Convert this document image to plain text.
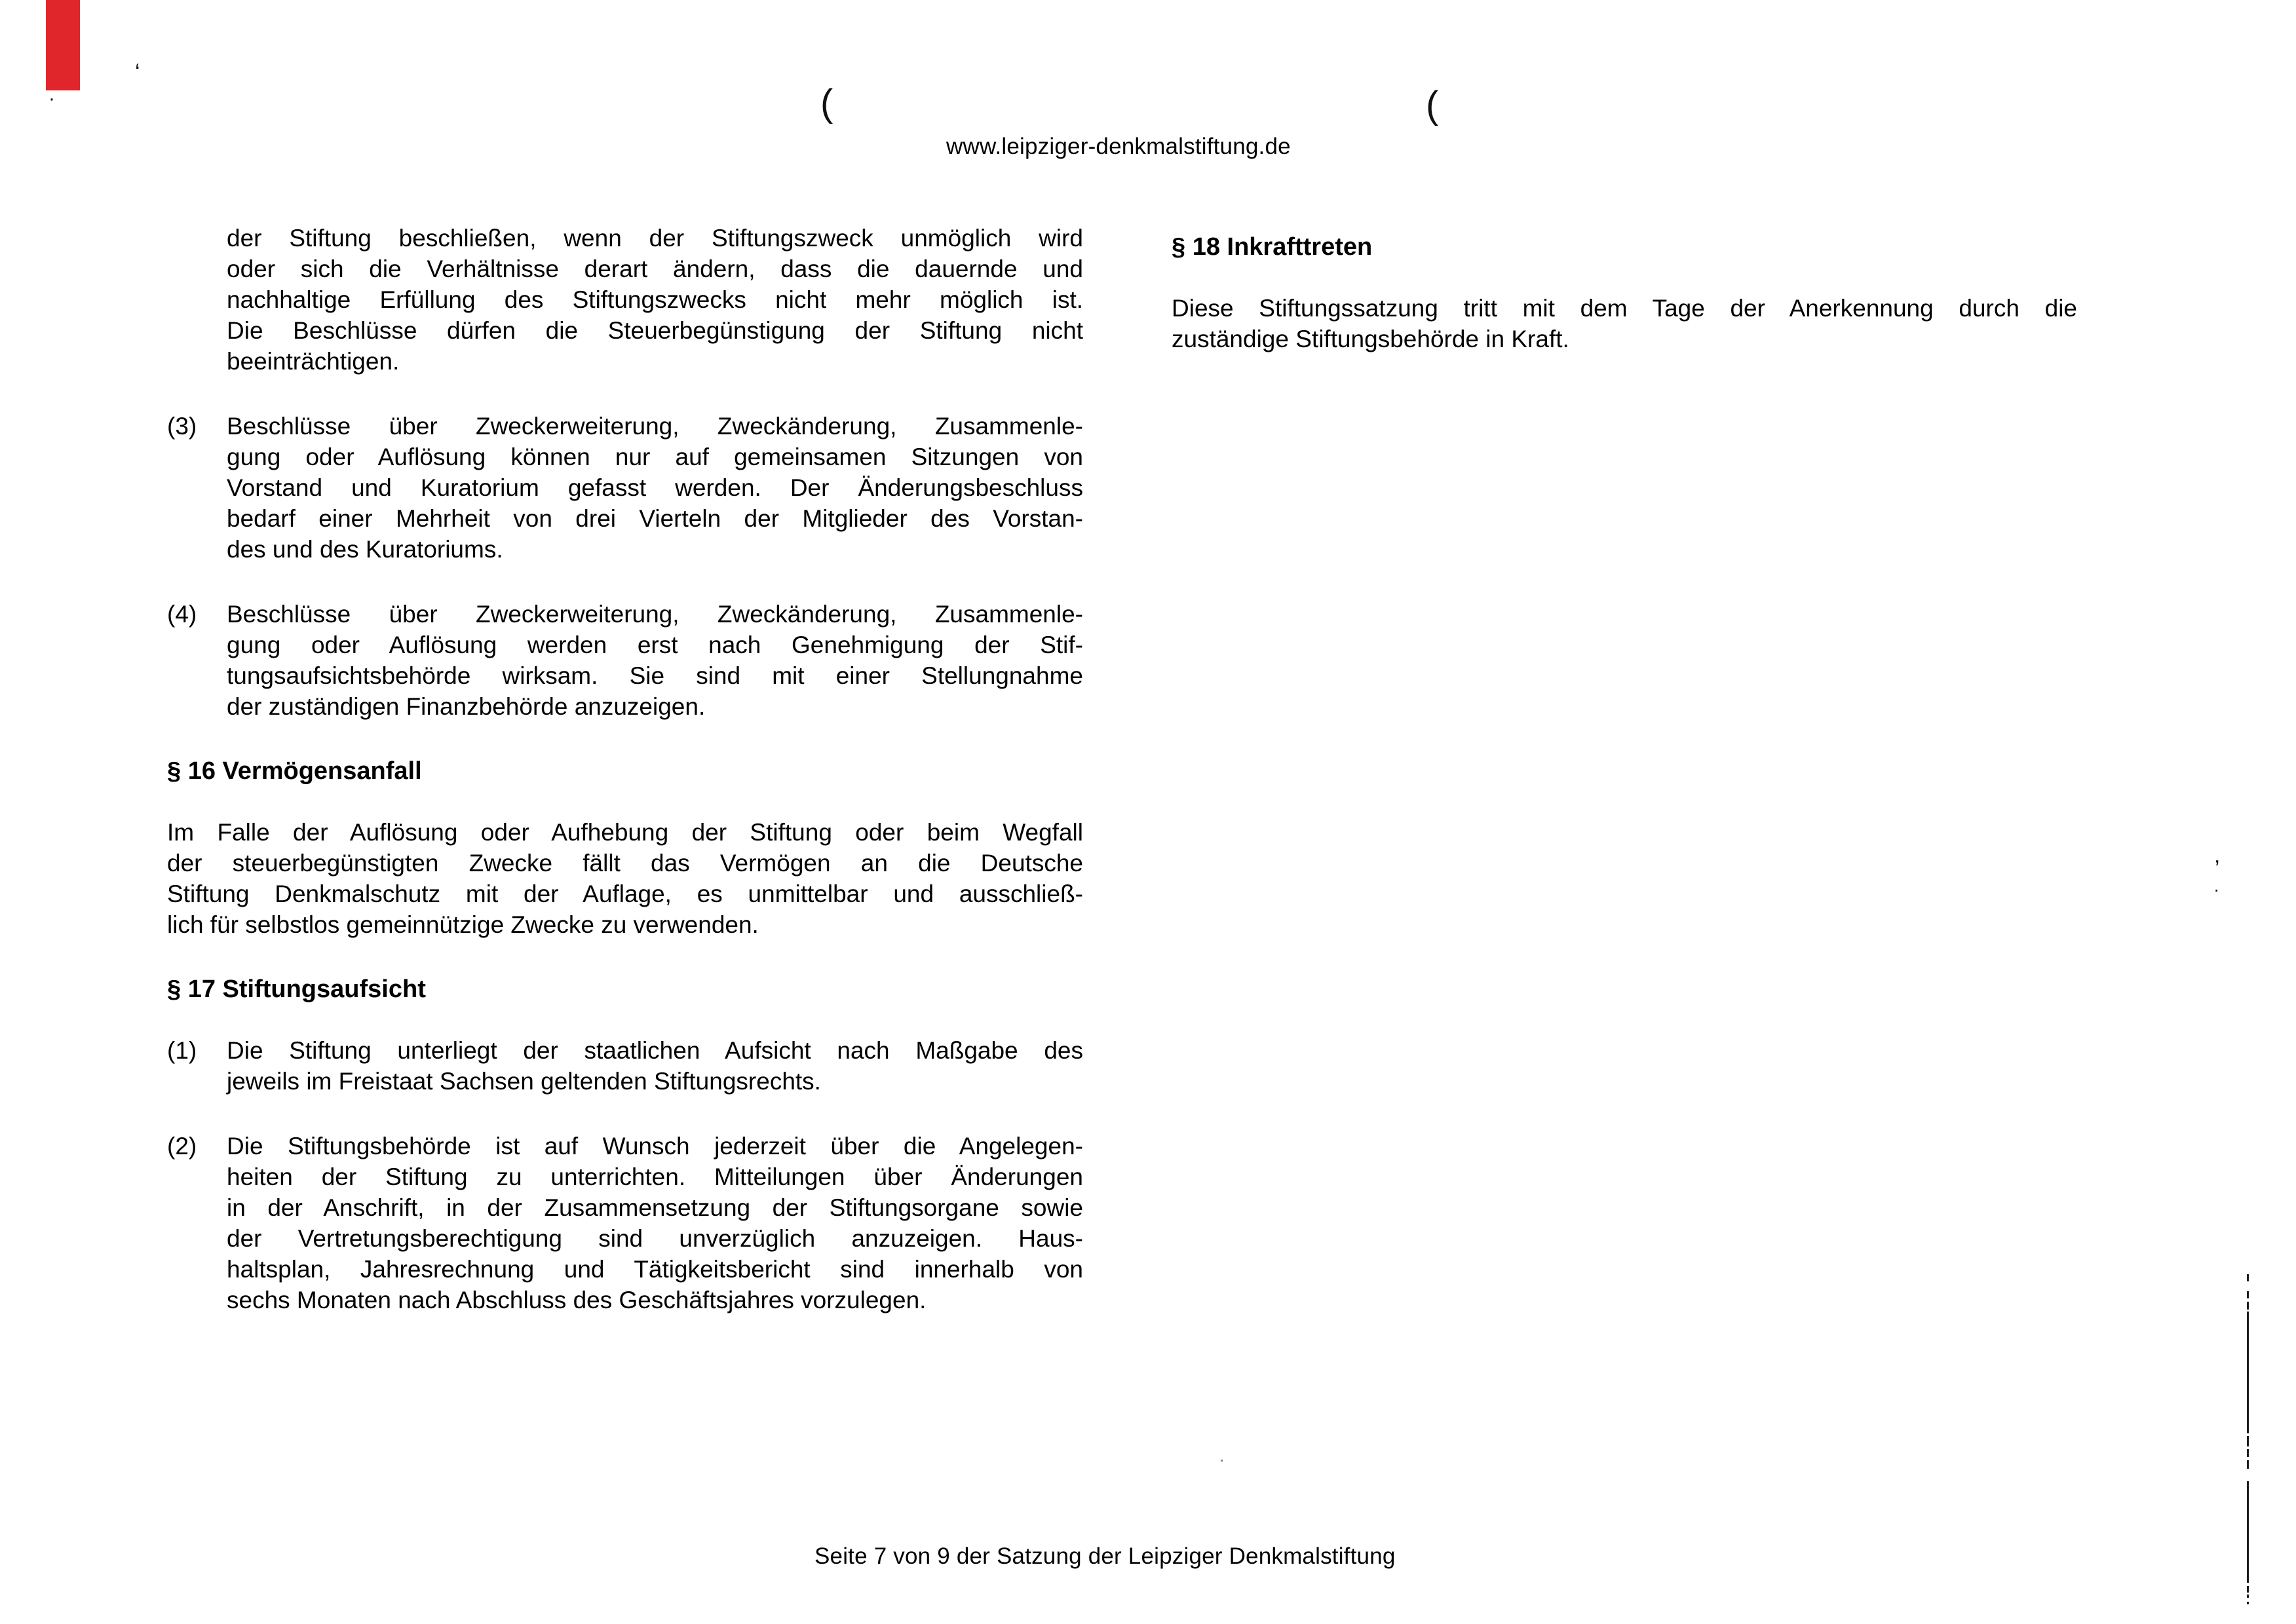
ʻ
·	(	(
ʼ
·
·
www.leipziger-denkmalstiftung.de
der Stiftung beschließen, wenn der Stiftungszweck unmöglich wird
oder sich die Verhältnisse derart ändern, dass die dauernde und
nachhaltige Erfüllung des Stiftungszwecks nicht mehr möglich ist.
Die Beschlüsse dürfen die Steuerbegünstigung der Stiftung nicht
beeinträchtigen.
(3)	Beschlüsse über Zweckerweiterung, Zweckänderung, Zusammenle-
gung oder Auflösung können nur auf gemeinsamen Sitzungen von
Vorstand und Kuratorium gefasst werden. Der Änderungsbeschluss
bedarf einer Mehrheit von drei Vierteln der Mitglieder des Vorstan-
des und des Kuratoriums.
(4)	Beschlüsse über Zweckerweiterung, Zweckänderung, Zusammenle-
gung oder Auflösung werden erst nach Genehmigung der Stif-
tungsaufsichtsbehörde wirksam. Sie sind mit einer Stellungnahme
der zuständigen Finanzbehörde anzuzeigen.
§ 16 Vermögensanfall
Im Falle der Auflösung oder Aufhebung der Stiftung oder beim Wegfall
der steuerbegünstigten Zwecke fällt das Vermögen an die Deutsche
Stiftung Denkmalschutz mit der Auflage, es unmittelbar und ausschließ-
lich für selbstlos gemeinnützige Zwecke zu verwenden.
§ 17 Stiftungsaufsicht
(1)	Die Stiftung unterliegt der staatlichen Aufsicht nach Maßgabe des
jeweils im Freistaat Sachsen geltenden Stiftungsrechts.
(2)	Die Stiftungsbehörde ist auf Wunsch jederzeit über die Angelegen-
heiten der Stiftung zu unterrichten. Mitteilungen über Änderungen
in der Anschrift, in der Zusammensetzung der Stiftungsorgane sowie
der Vertretungsberechtigung sind unverzüglich anzuzeigen. Haus-
haltsplan, Jahresrechnung und Tätigkeitsbericht sind innerhalb von
sechs Monaten nach Abschluss des Geschäftsjahres vorzulegen.
§ 18 Inkrafttreten
Diese Stiftungssatzung tritt mit dem Tage der Anerkennung durch die
zuständige Stiftungsbehörde in Kraft.
Seite 7 von 9 der Satzung der Leipziger Denkmalstiftung
